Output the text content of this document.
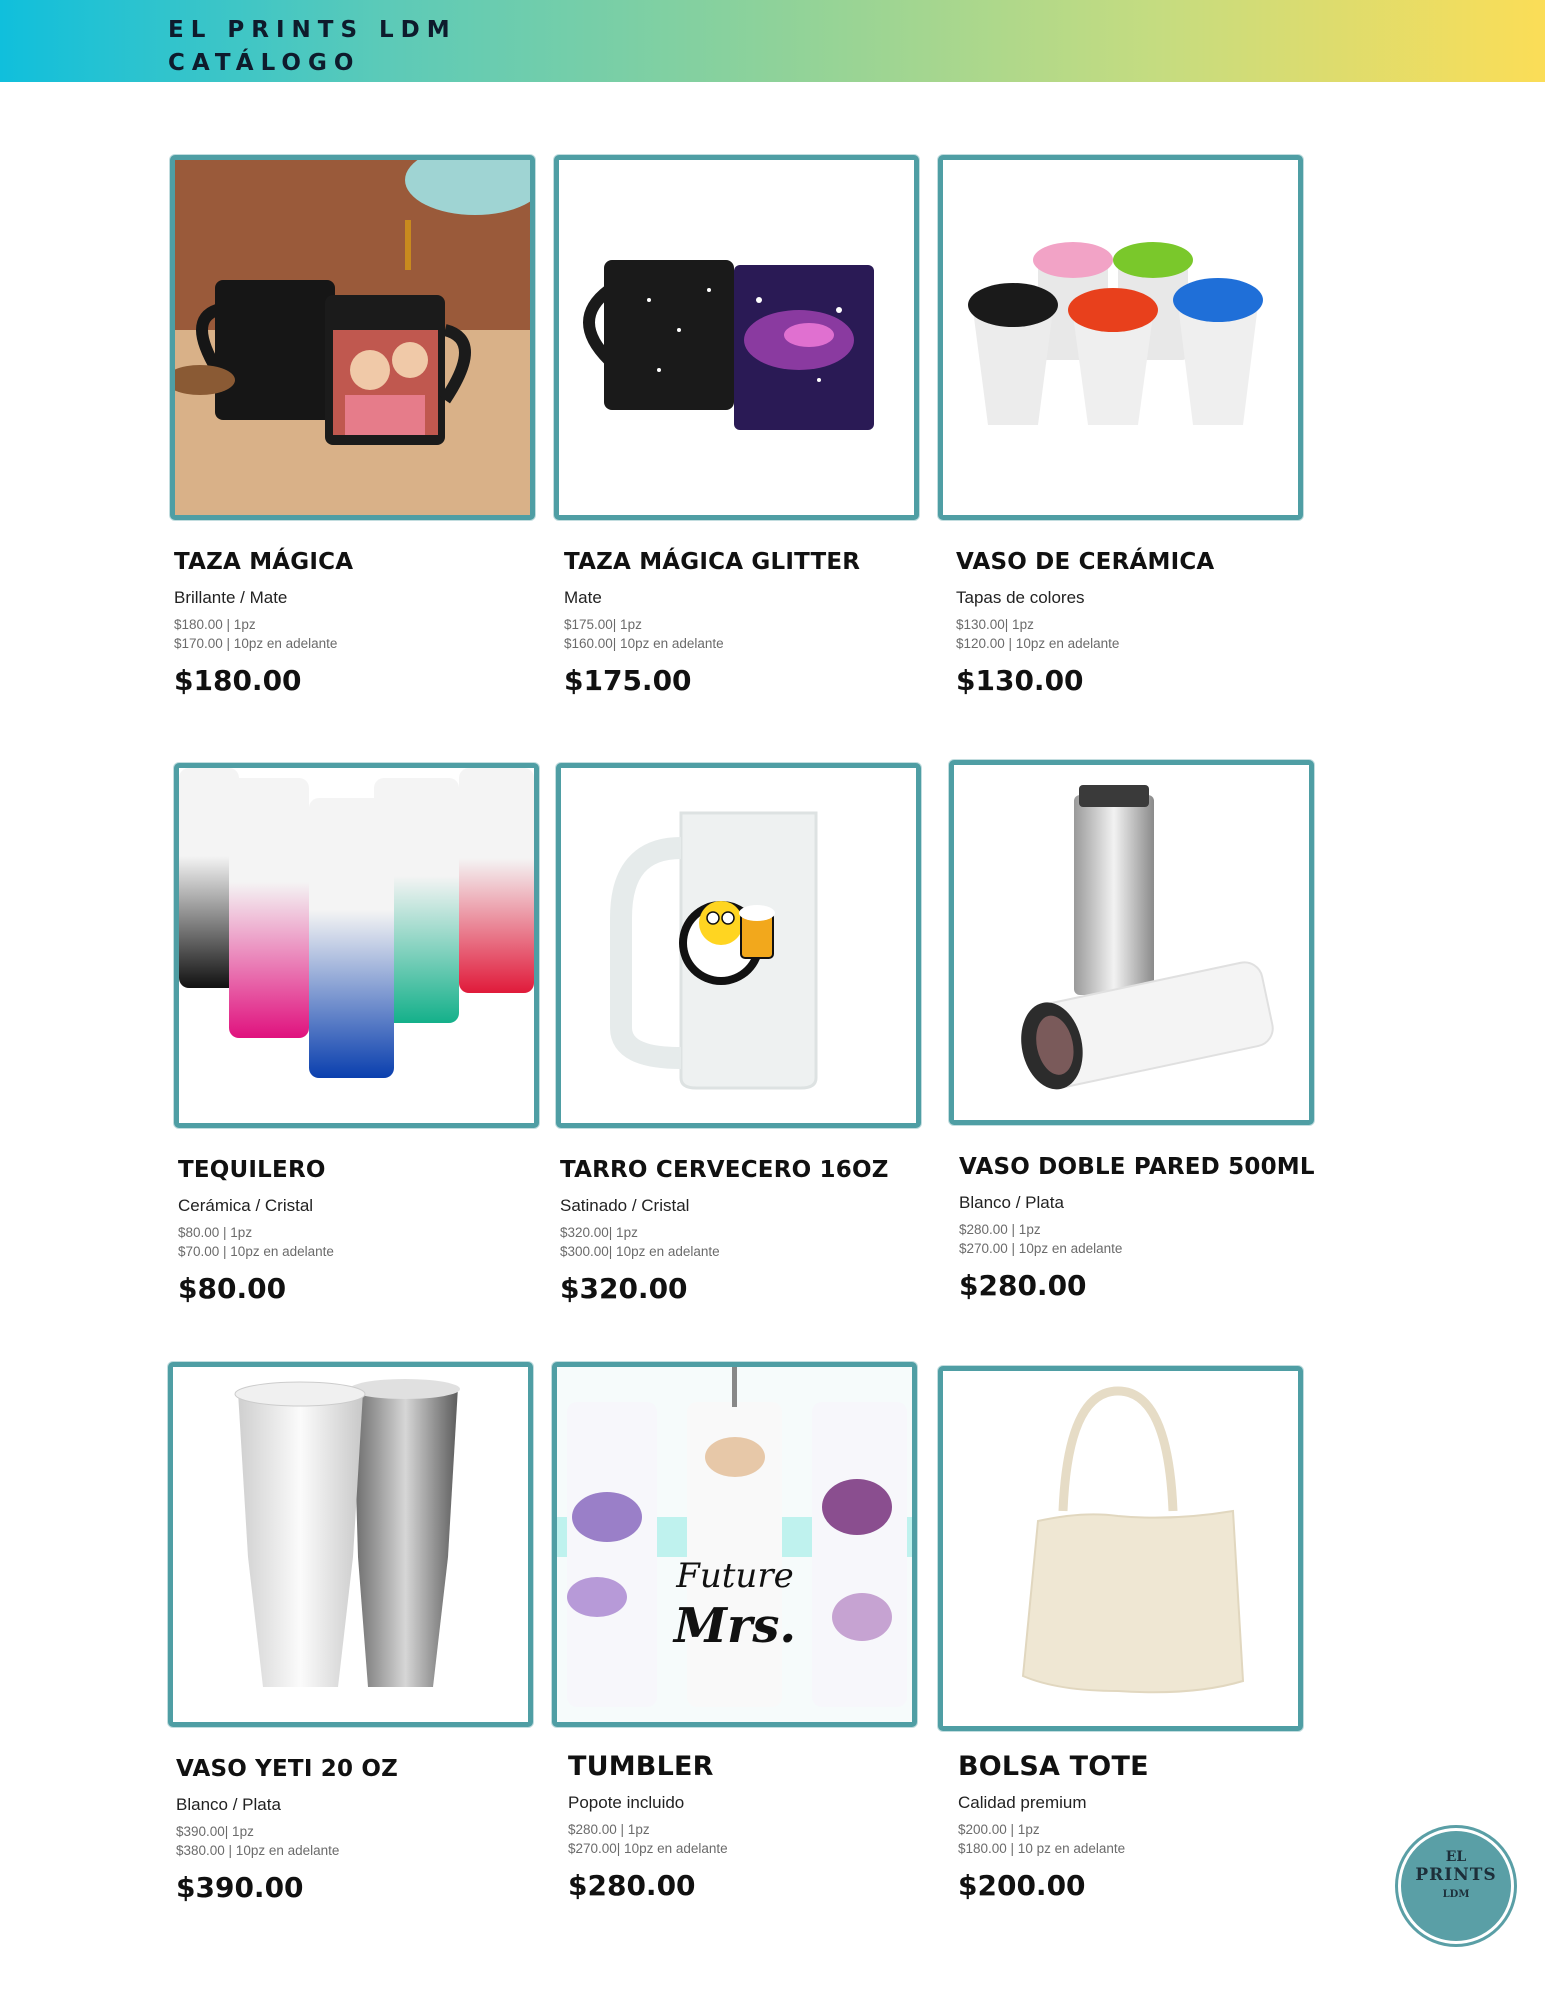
EL PRINTS LDM
CATÁLOGO
TAZA MÁGICA
Brillante / Mate
$180.00 | 1pz
$170.00 | 10pz en adelante
$180.00
TAZA MÁGICA GLITTER
Mate
$175.00| 1pz
$160.00| 10pz en adelante
$175.00
VASO DE CERÁMICA
Tapas de colores
$130.00| 1pz
$120.00 | 10pz en adelante
$130.00
TEQUILERO
Cerámica / Cristal
$80.00 | 1pz
$70.00 | 10pz en adelante
$80.00
TARRO CERVECERO 16OZ
Satinado / Cristal
$320.00| 1pz
$300.00| 10pz en adelante
$320.00
VASO DOBLE PARED 500ML
Blanco / Plata
$280.00 | 1pz
$270.00 | 10pz en adelante
$280.00
VASO YETI 20 OZ
Blanco / Plata
$390.00| 1pz
$380.00 | 10pz en adelante
$390.00
Future
Mrs.
TUMBLER
Popote incluido
$280.00 | 1pz
$270.00| 10pz en adelante
$280.00
BOLSA TOTE
Calidad premium
$200.00 | 1pz
$180.00 | 10 pz en adelante
$200.00
EL
PRINTS
LDM
